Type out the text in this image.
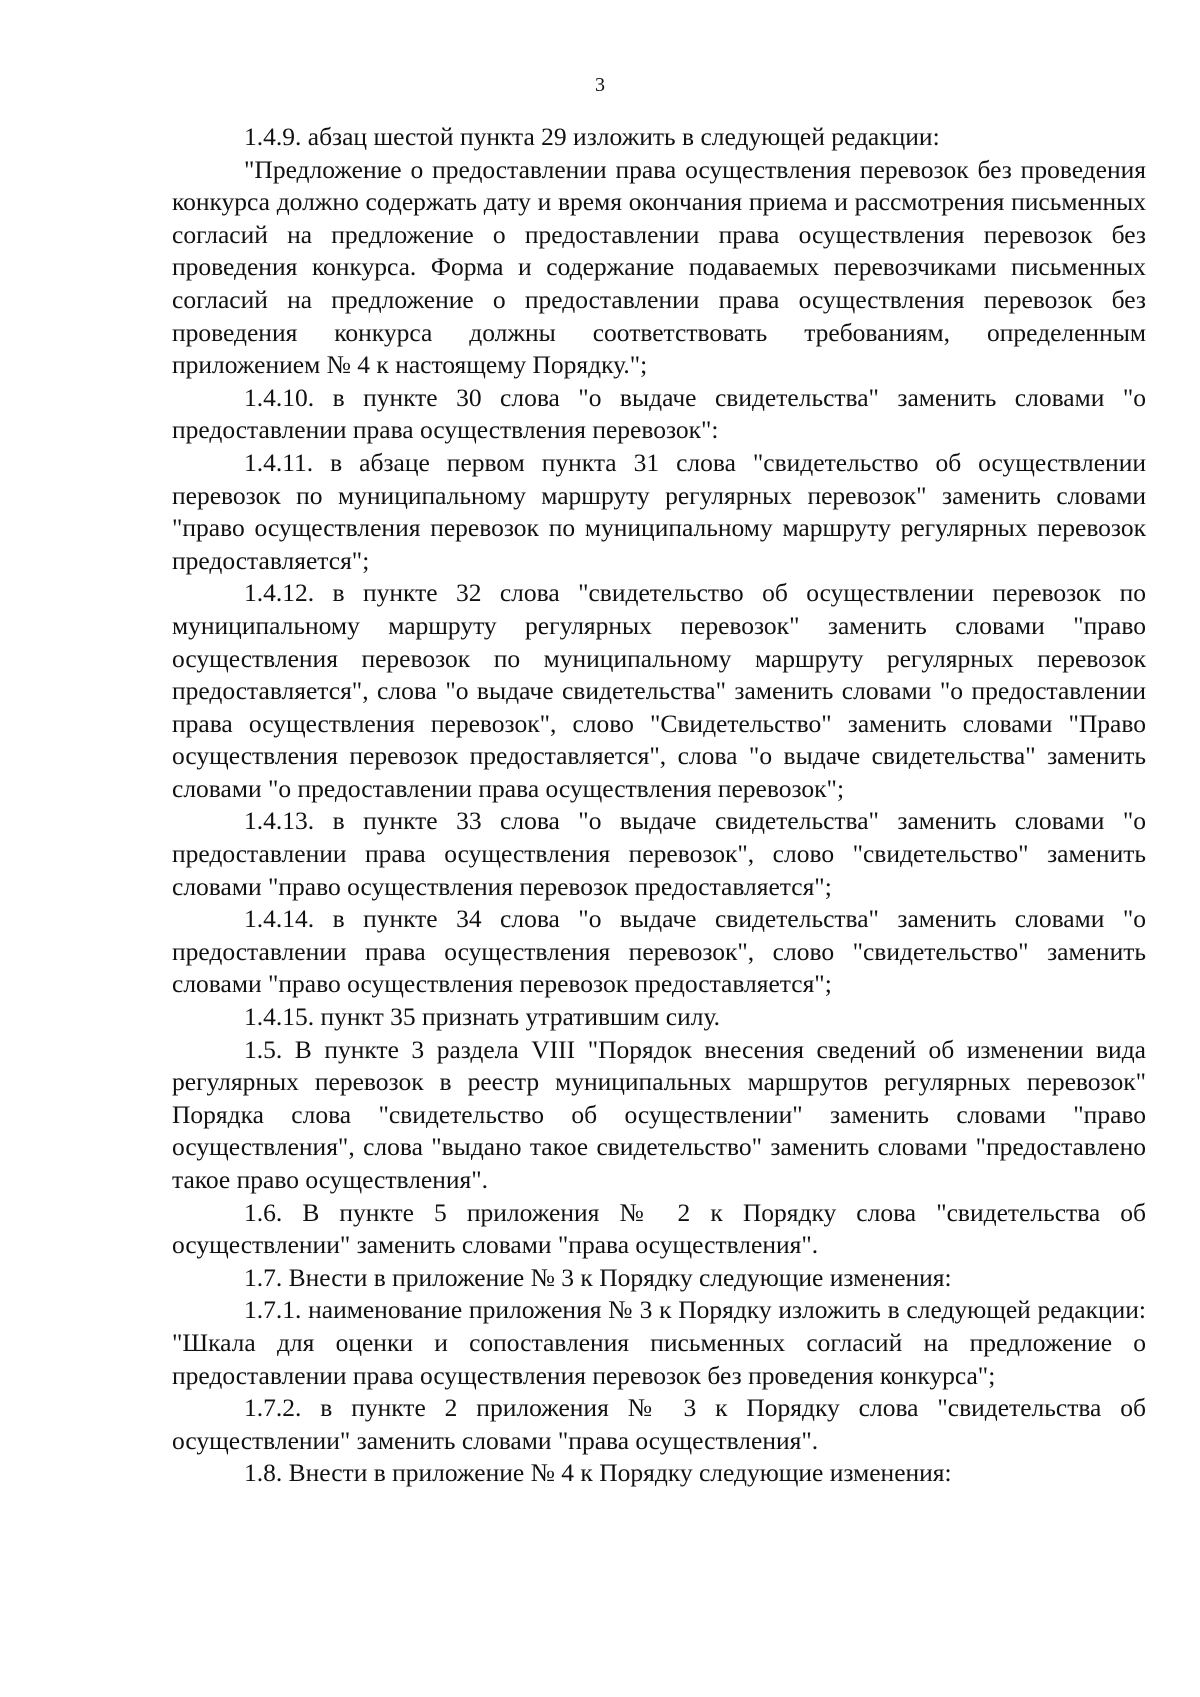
3

1.4.9. абзац шестой пункта 29 изложить в следующей редакции:

"Предложение о предоставлении права осуществления перевозок без проведения конкурса должно содержать дату и время окончания приема и рассмотрения письменных согласий на предложение о предоставлении права осуществления перевозок без проведения конкурса. Форма и содержание подаваемых перевозчиками письменных согласий на предложение о предоставлении права осуществления перевозок без проведения конкурса должны соответствовать требованиям, определенным приложением № 4 к настоящему Порядку.";

1.4.10. в пункте 30 слова "о выдаче свидетельства" заменить словами "о предоставлении права осуществления перевозок":

1.4.11. в абзаце первом пункта 31 слова "свидетельство об осуществлении перевозок по муниципальному маршруту регулярных перевозок" заменить словами "право осуществления перевозок по муниципальному маршруту регулярных перевозок предоставляется";

1.4.12. в пункте 32 слова "свидетельство об осуществлении перевозок по муниципальному маршруту регулярных перевозок" заменить словами "право осуществления перевозок по муниципальному маршруту регулярных перевозок предоставляется", слова "о выдаче свидетельства" заменить словами "о предоставлении права осуществления перевозок", слово "Свидетельство" заменить словами "Право осуществления перевозок предоставляется", слова "о выдаче свидетельства" заменить словами "о предоставлении права осуществления перевозок";

1.4.13. в пункте 33 слова "о выдаче свидетельства" заменить словами "о предоставлении права осуществления перевозок", слово "свидетельство" заменить словами "право осуществления перевозок предоставляется";

1.4.14. в пункте 34 слова "о выдаче свидетельства" заменить словами "о предоставлении права осуществления перевозок", слово "свидетельство" заменить словами "право осуществления перевозок предоставляется";

1.4.15. пункт 35 признать утратившим силу.

1.5. В пункте 3 раздела VIII "Порядок внесения сведений об изменении вида регулярных перевозок в реестр муниципальных маршрутов регулярных перевозок" Порядка слова "свидетельство об осуществлении" заменить словами "право осуществления", слова "выдано такое свидетельство" заменить словами "предоставлено такое право осуществления".

1.6. В пункте 5 приложения № 2 к Порядку слова "свидетельства об осуществлении" заменить словами "права осуществления".

1.7. Внести в приложение № 3 к Порядку следующие изменения:

1.7.1. наименование приложения № 3 к Порядку изложить в следующей редакции: "Шкала для оценки и сопоставления письменных согласий на предложение о предоставлении права осуществления перевозок без проведения конкурса";

1.7.2. в пункте 2 приложения № 3 к Порядку слова "свидетельства об осуществлении" заменить словами "права осуществления".

1.8. Внести в приложение № 4 к Порядку следующие изменения:
